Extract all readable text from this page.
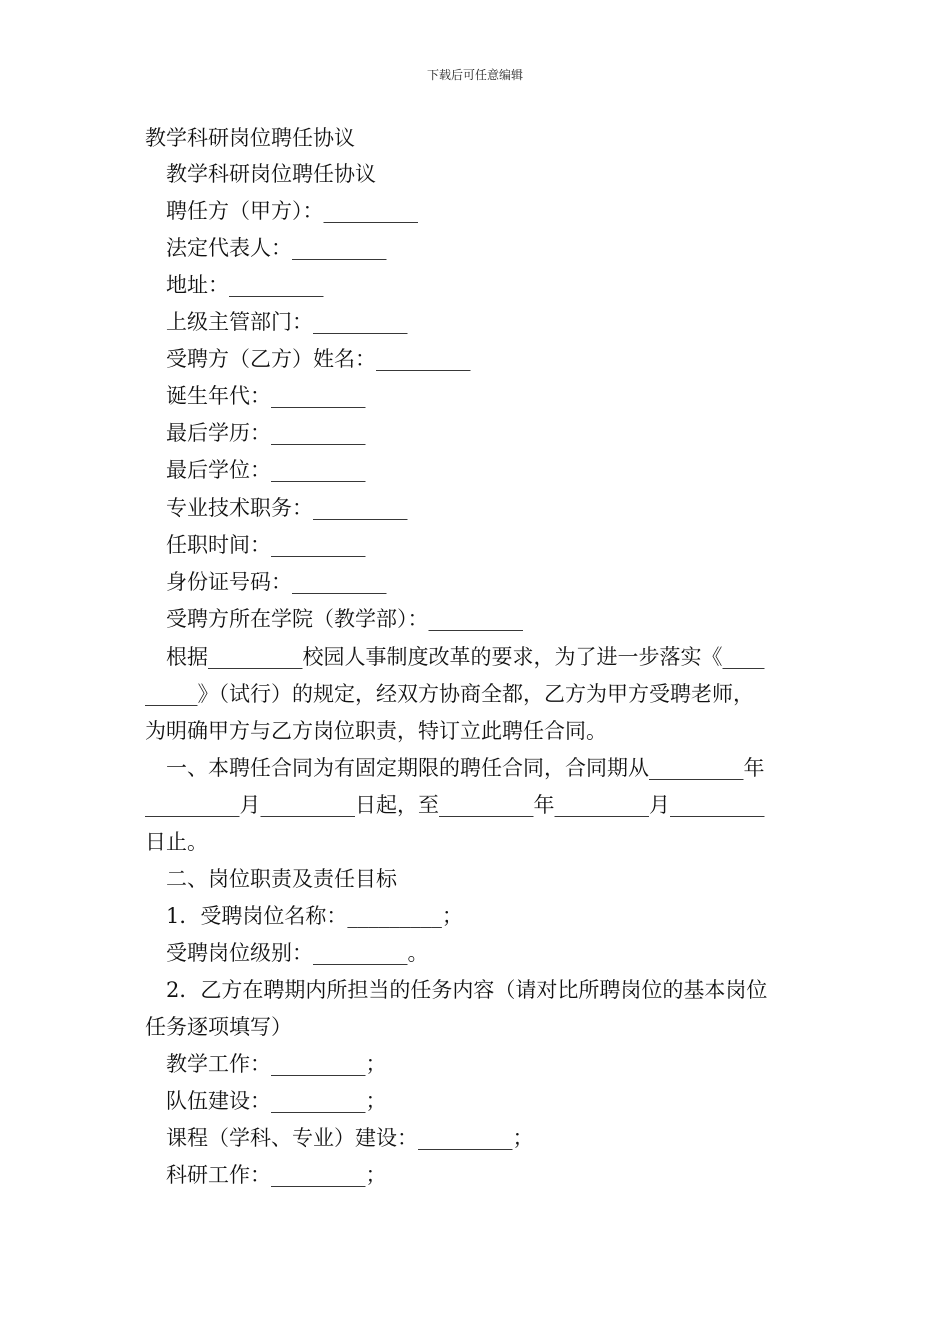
下载后可任意编辑
教学科研岗位聘任协议
教学科研岗位聘任协议
聘任方（甲方）：_________
法定代表人：_________
地址：_________
上级主管部门：_________
受聘方（乙方）姓名：_________
诞生年代：_________
最后学历：_________
最后学位：_________
专业技术职务：_________
任职时间：_________
身份证号码：_________
受聘方所在学院（教学部）：_________
根据_________校园人事制度改革的要求，为了进一步落实《____
_____》（试行）的规定，经双方协商全都，乙方为甲方受聘老师，
为明确甲方与乙方岗位职责，特订立此聘任合同。
一、本聘任合同为有固定期限的聘任合同，合同期从_________年
_________月_________日起，至_________年_________月_________
日止。
二、岗位职责及责任目标
1．受聘岗位名称：_________；
受聘岗位级别：_________。
2．乙方在聘期内所担当的任务内容（请对比所聘岗位的基本岗位
任务逐项填写）
教学工作：_________；
队伍建设：_________；
课程（学科、专业）建设：_________；
科研工作：_________；
